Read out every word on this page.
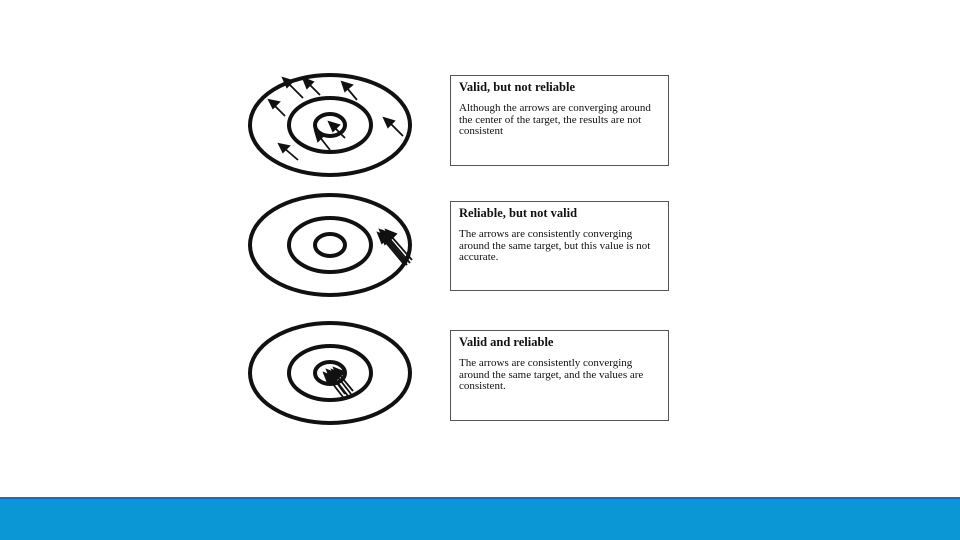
Valid, but not reliable
Although the arrows are converging around the center of the target, the results are not consistent
Reliable, but not valid
The arrows are consistently converging around the same target, but this value is not accurate.
Valid and reliable
The arrows are consistently converging around the same target, and the values are consistent.
